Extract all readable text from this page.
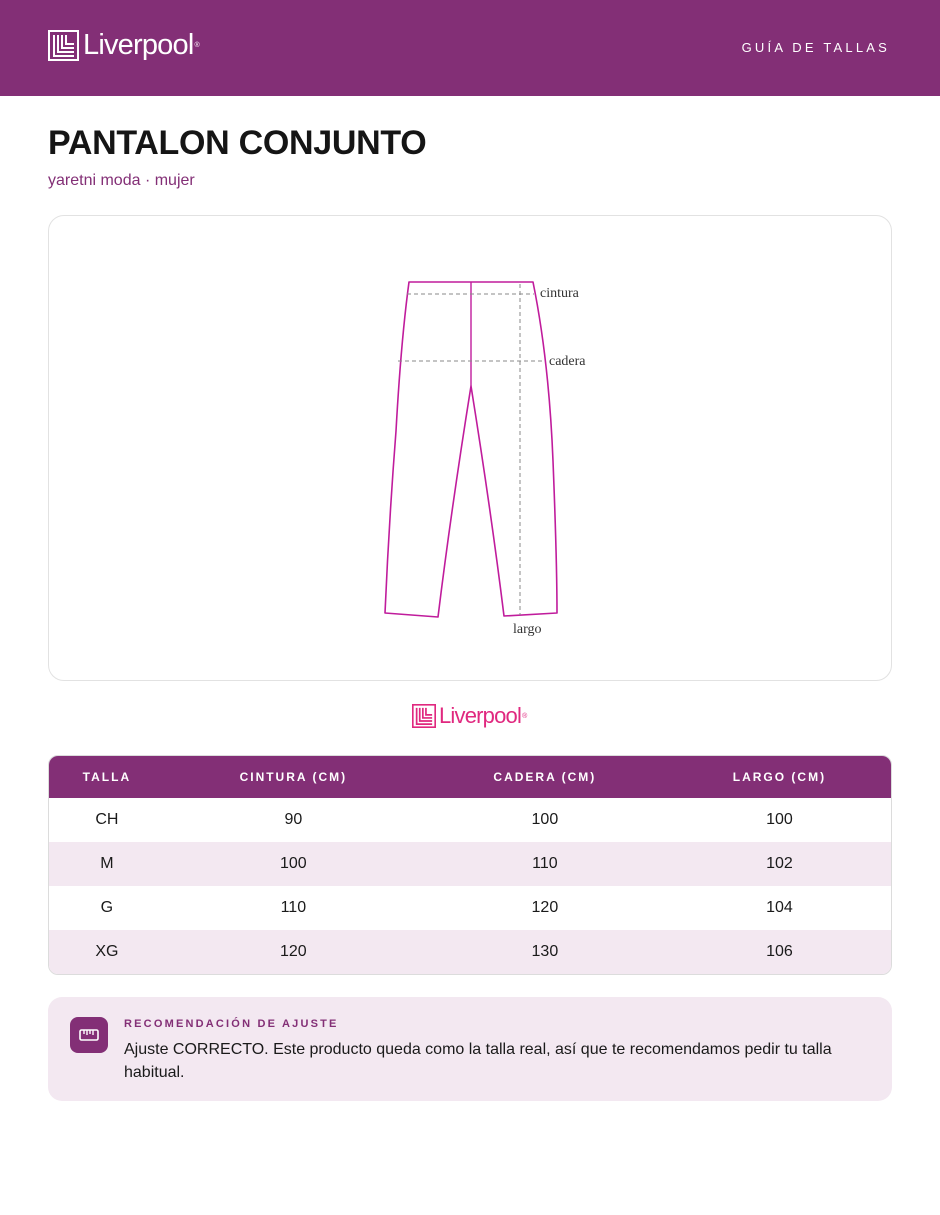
Liverpool ®	GUÍA DE TALLAS
PANTALON CONJUNTO
yaretni moda · mujer
cintura
cadera
largo
Liverpool ®
TALLA	CINTURA (CM)	CADERA (CM)	LARGO (CM)
CH	90	100	100
M	100	110	102
G	110	120	104
XG	120	130	106
RECOMENDACIÓN DE AJUSTE
Ajuste CORRECTO. Este producto queda como la talla real, así que te recomendamos pedir tu talla habitual.
